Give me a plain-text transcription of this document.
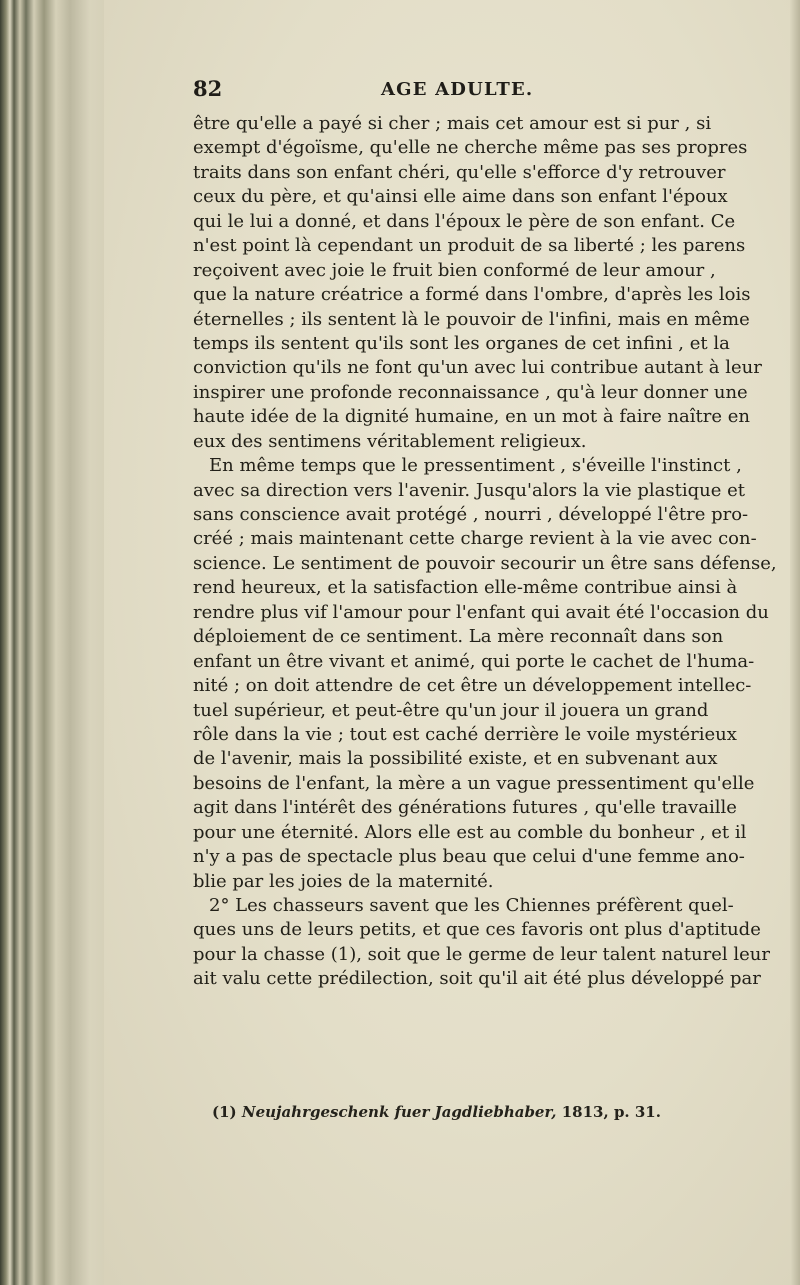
82	AGE ADULTE.
être qu'elle a payé si cher ; mais cet amour est si pur , si
exempt d'égoïsme, qu'elle ne cherche même pas ses propres
traits dans son enfant chéri, qu'elle s'efforce d'y retrouver
ceux du père, et qu'ainsi elle aime dans son enfant l'époux
qui le lui a donné, et dans l'époux le père de son enfant. Ce
n'est point là cependant un produit de sa liberté ; les parens
reçoivent avec joie le fruit bien conformé de leur amour ,
que la nature créatrice a formé dans l'ombre, d'après les lois
éternelles ; ils sentent là le pouvoir de l'infini, mais en même
temps ils sentent qu'ils sont les organes de cet infini , et la
conviction qu'ils ne font qu'un avec lui contribue autant à leur
inspirer une profonde reconnaissance , qu'à leur donner une
haute idée de la dignité humaine, en un mot à faire naître en
eux des sentimens véritablement religieux.
En même temps que le pressentiment , s'éveille l'instinct ,
avec sa direction vers l'avenir. Jusqu'alors la vie plastique et
sans conscience avait protégé , nourri , développé l'être pro-
créé ; mais maintenant cette charge revient à la vie avec con-
science. Le sentiment de pouvoir secourir un être sans défense,
rend heureux, et la satisfaction elle-même contribue ainsi à
rendre plus vif l'amour pour l'enfant qui avait été l'occasion du
déploiement de ce sentiment. La mère reconnaît dans son
enfant un être vivant et animé, qui porte le cachet de l'huma-
nité ; on doit attendre de cet être un développement intellec-
tuel supérieur, et peut-être qu'un jour il jouera un grand
rôle dans la vie ; tout est caché derrière le voile mystérieux
de l'avenir, mais la possibilité existe, et en subvenant aux
besoins de l'enfant, la mère a un vague pressentiment qu'elle
agit dans l'intérêt des générations futures , qu'elle travaille
pour une éternité. Alors elle est au comble du bonheur , et il
n'y a pas de spectacle plus beau que celui d'une femme ano-
blie par les joies de la maternité.
2° Les chasseurs savent que les Chiennes préfèrent quel-
ques uns de leurs petits, et que ces favoris ont plus d'aptitude
pour la chasse (1), soit que le germe de leur talent naturel leur
ait valu cette prédilection, soit qu'il ait été plus développé par
(1) Neujahrgeschenk fuer Jagdliebhaber, 1813, p. 31.
